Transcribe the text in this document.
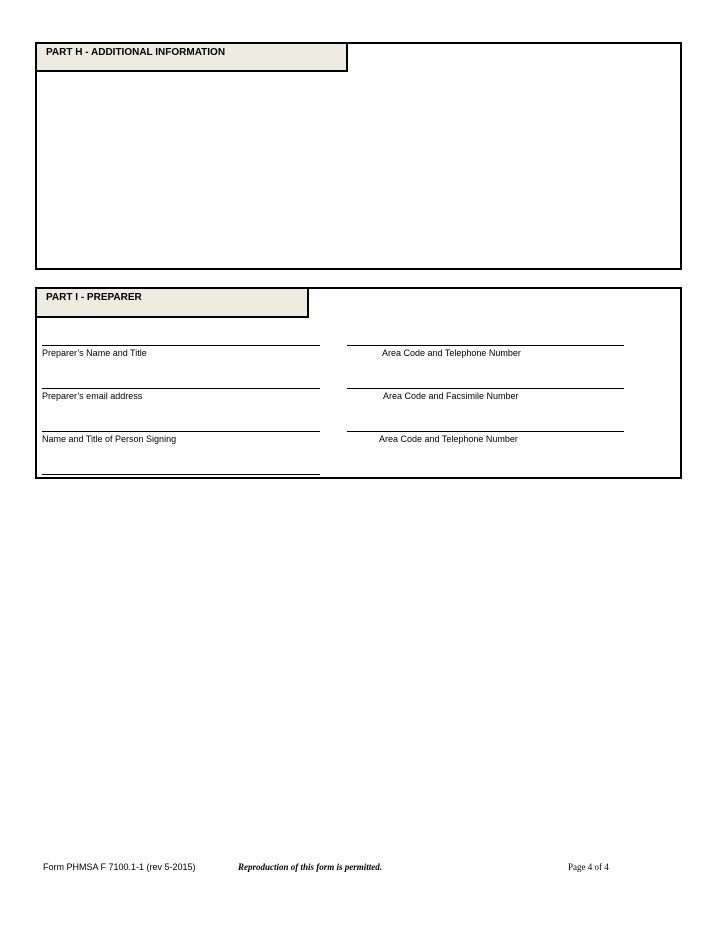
PART H - ADDITIONAL INFORMATION
PART I - PREPARER
Preparer’s Name and Title	Area Code and Telephone Number
Preparer’s email address	Area Code and Facsimile Number
Name and Title of Person Signing	Area Code and Telephone Number
Form PHMSA F 7100.1-1 (rev 5-2015)	Reproduction of this form is permitted.	Page 4 of 4
